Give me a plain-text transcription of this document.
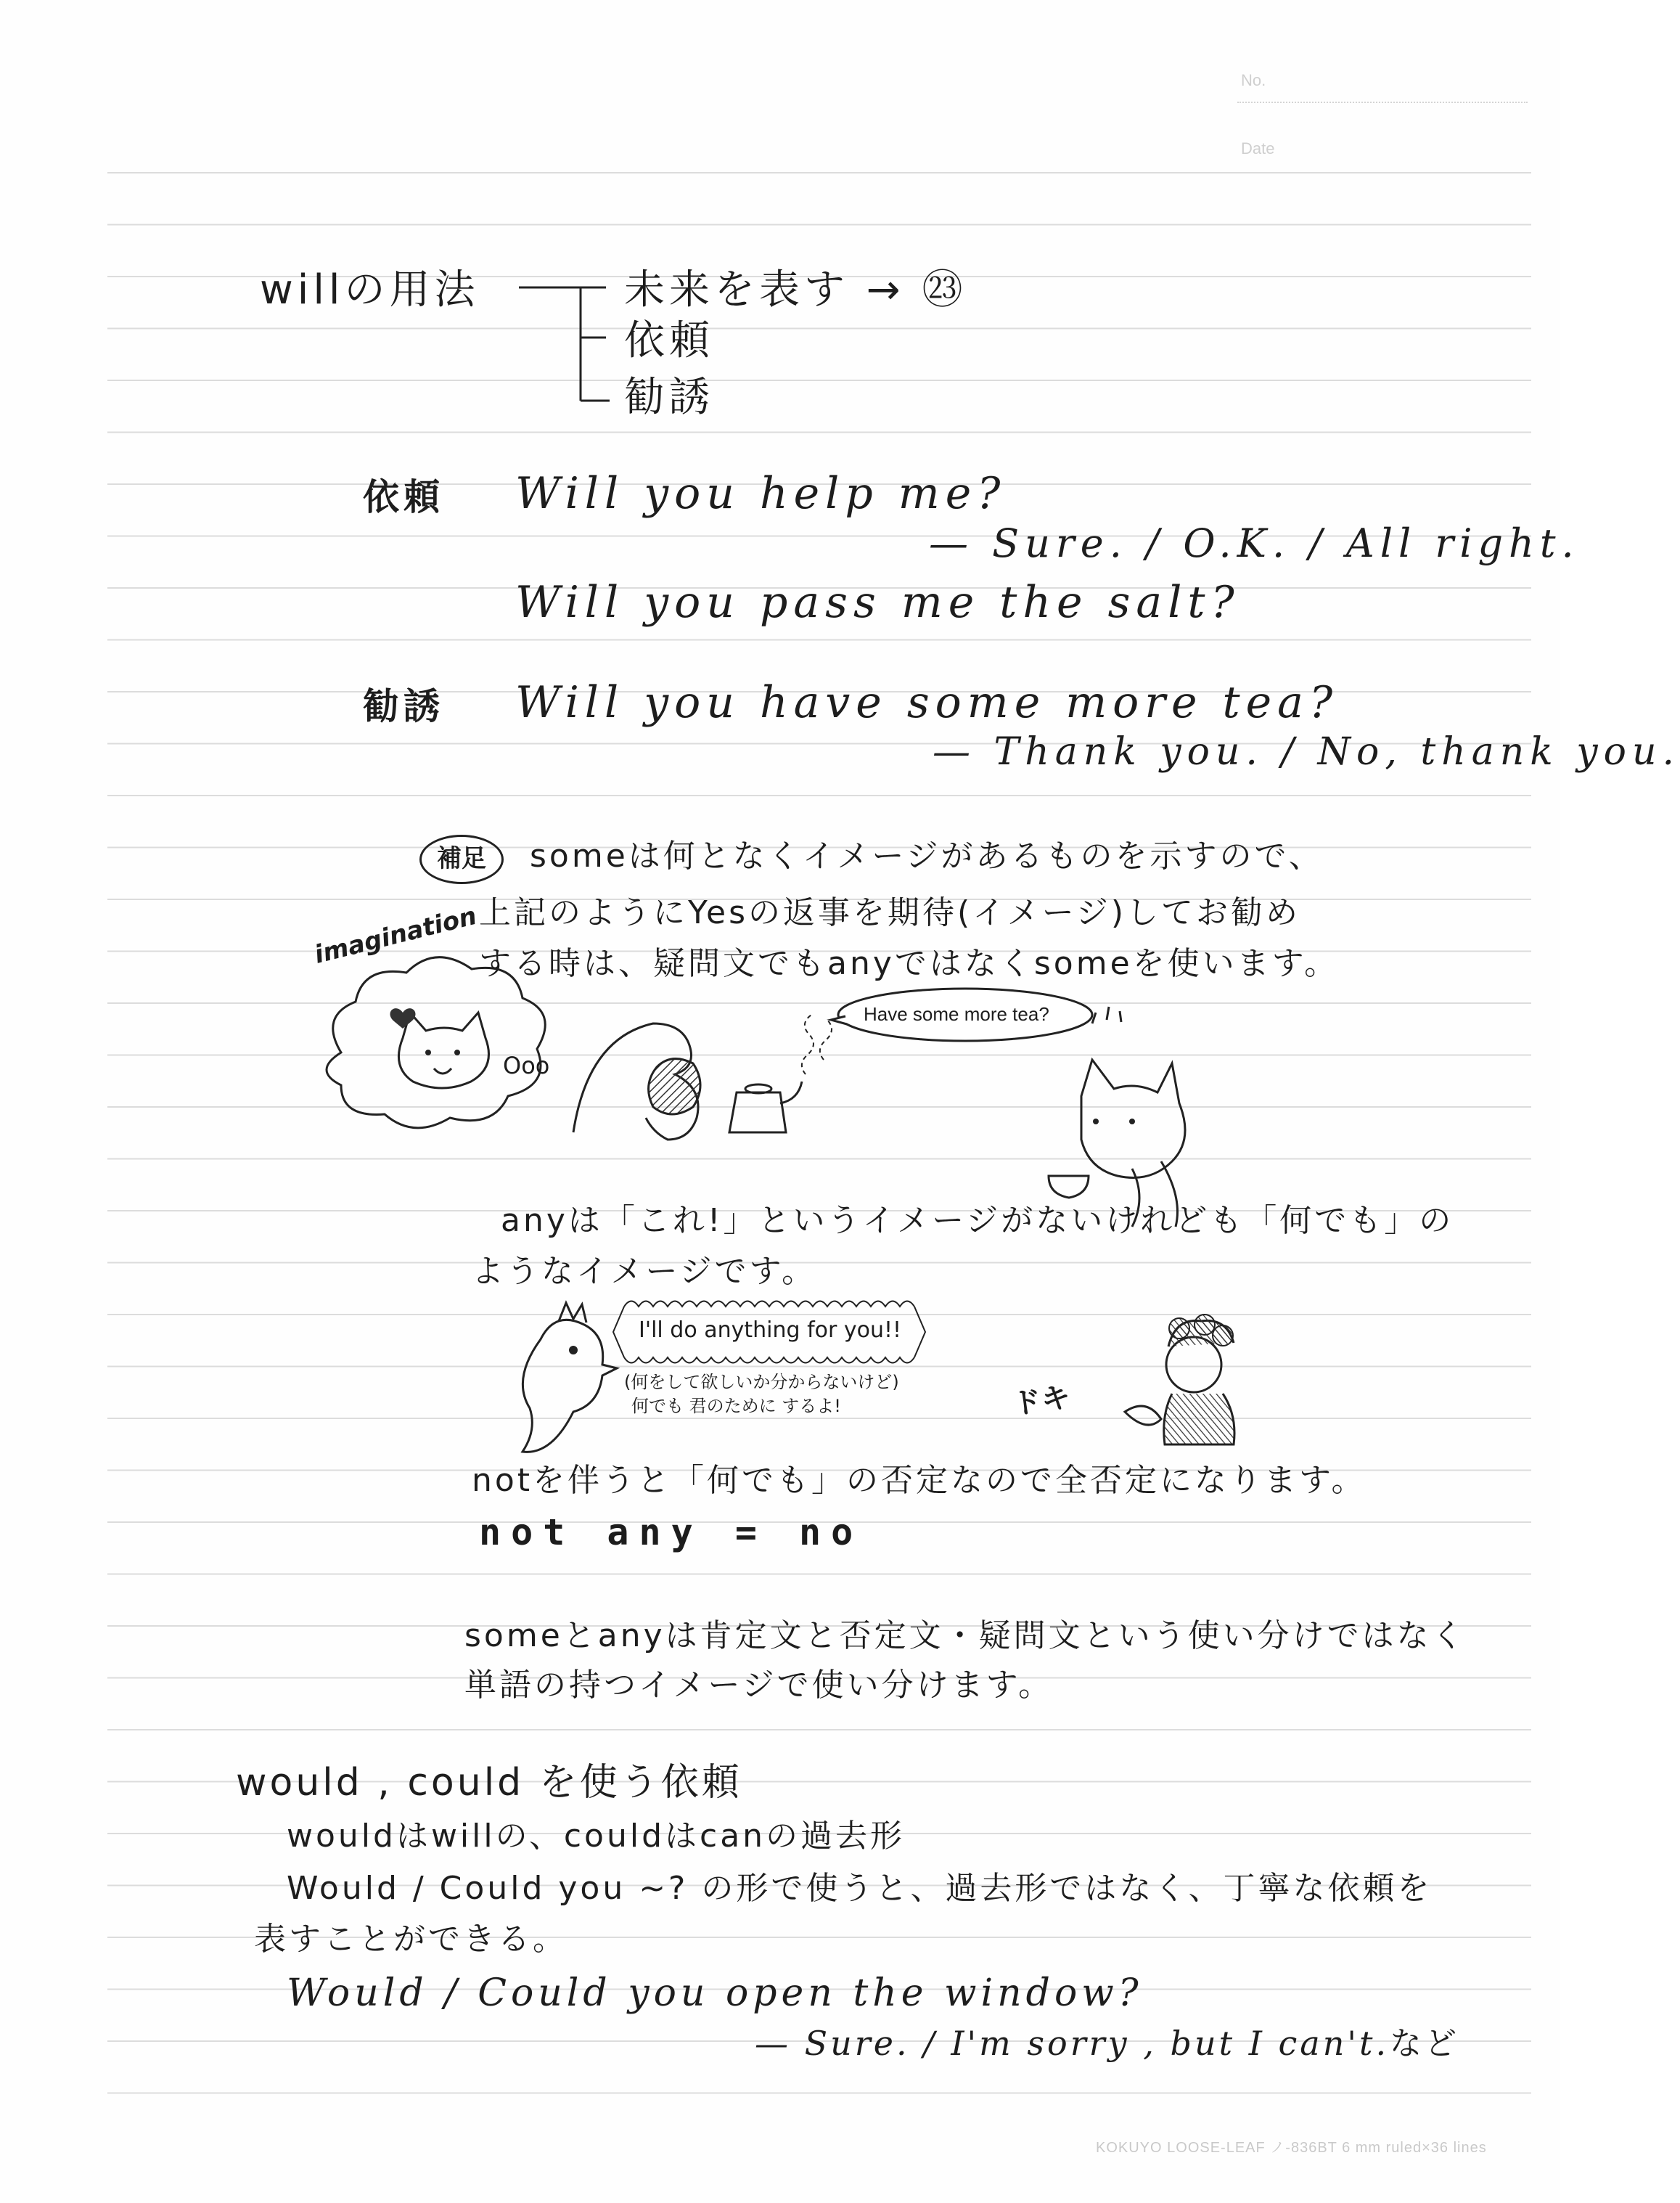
No.
Date
willの用法	未来を表す → ㉓
依頼
勧誘
依頼 Will you help me?
— Sure. / O.K. / All right.
Will you pass me the salt?
勧誘 Will you have some more tea?
— Thank you. / No, thank you.
補足	someは何となくイメージがあるものを示すので、
上記のようにYesの返事を期待(イメージ)してお勧め
する時は、疑問文でもanyではなくsomeを使います。
imagination
Ooo
Have some more tea?
anyは「これ!」というイメージがないけれども「何でも」の
ようなイメージです。
I'll do anything for you!!
(何をして欲しいか分からないけど)
何でも 君のために するよ!	ドキ
notを伴うと「何でも」の否定なので全否定になります。
not any = no
someとanyは肯定文と否定文・疑問文という使い分けではなく
単語の持つイメージで使い分けます。
would , could を使う依頼
wouldはwillの、couldはcanの過去形
Would / Could you ~? の形で使うと、過去形ではなく、丁寧な依頼を
表すことができる。
Would / Could you open the window?
— Sure. / I'm sorry , but I can't. など
KOKUYO LOOSE-LEAF ノ-836BT 6 mm ruled×36 lines
